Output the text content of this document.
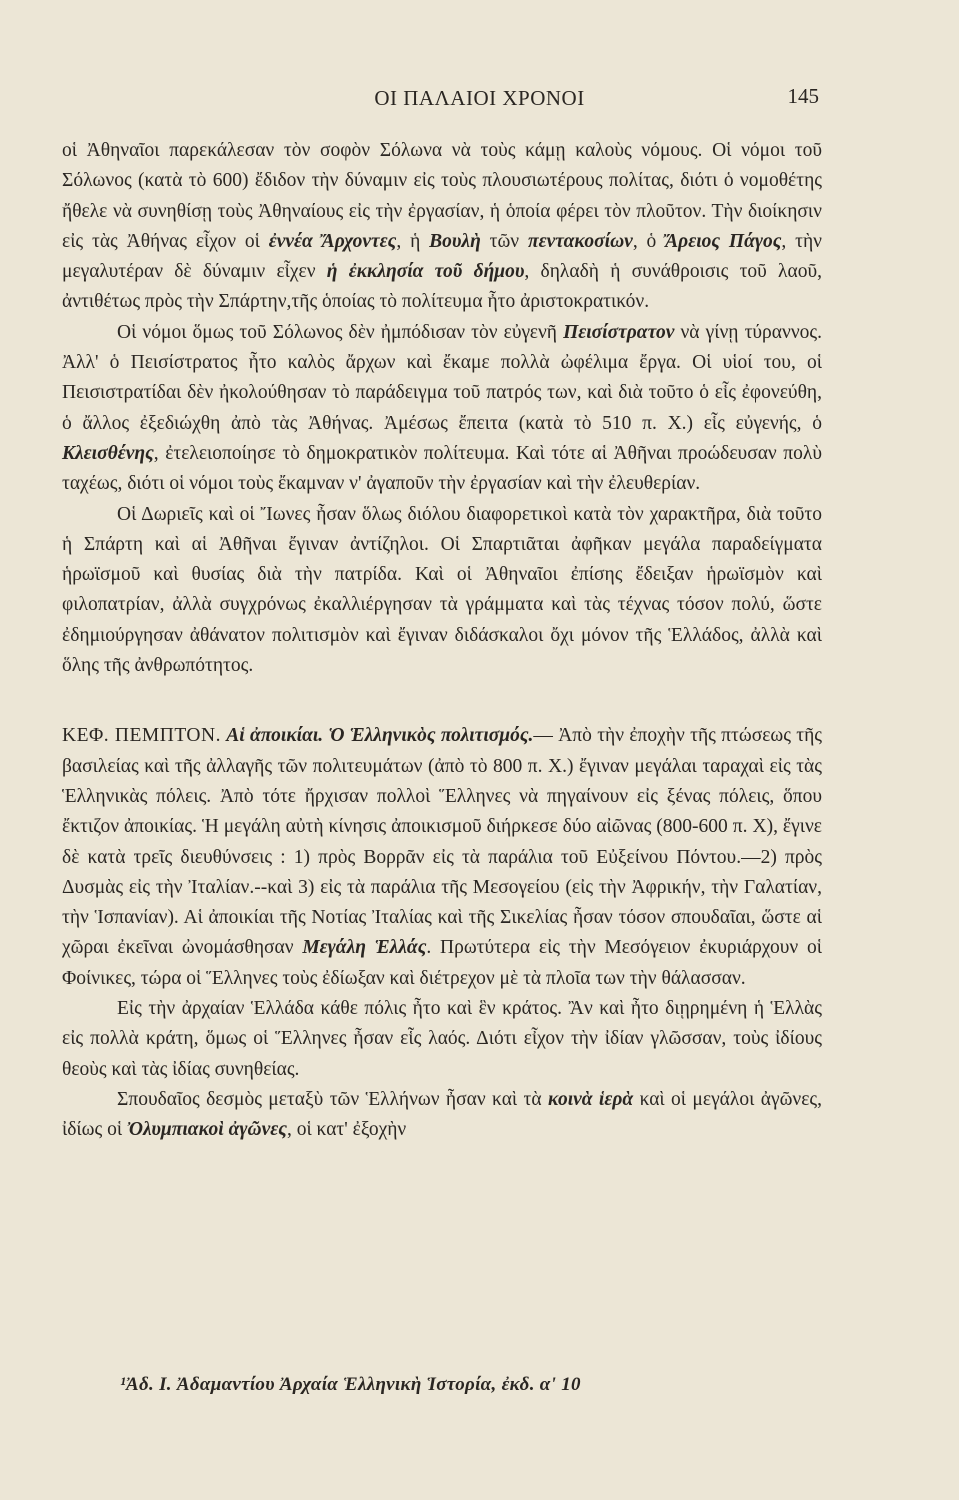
ΟΙ ΠΑΛΑΙΟΙ ΧΡΟΝΟΙ	145

οἱ Ἀθηναῖοι παρεκάλεσαν τὸν σοφὸν Σόλωνα νὰ τοὺς κάμῃ καλοὺς νόμους. Οἱ νόμοι τοῦ Σόλωνος (κατὰ τὸ 600) ἔδιδον τὴν δύναμιν εἰς τοὺς πλουσιωτέρους πολίτας, διότι ὁ νομοθέτης ἤθελε νὰ συνηθίσῃ τοὺς Ἀθηναίους εἰς τὴν ἐργασίαν, ἡ ὁποία φέρει τὸν πλοῦτον. Τὴν διοίκησιν εἰς τὰς Ἀθήνας εἶχον οἱ ἐννέα Ἄρχοντες, ἡ Βουλὴ τῶν πεντακοσίων, ὁ Ἄρειος Πάγος, τὴν μεγαλυτέραν δὲ δύναμιν εἶχεν ἡ ἐκκλησία τοῦ δήμου, δηλαδὴ ἡ συνάθροισις τοῦ λαοῦ, ἀντιθέτως πρὸς τὴν Σπάρτην,τῆς ὁποίας τὸ πολίτευμα ἦτο ἀριστοκρατικόν.

Οἱ νόμοι ὅμως τοῦ Σόλωνος δὲν ἠμπόδισαν τὸν εὐγενῆ Πεισίστρατον νὰ γίνῃ τύραννος. Ἀλλ' ὁ Πεισίστρατος ἦτο καλὸς ἄρχων καὶ ἔκαμε πολλὰ ὠφέλιμα ἔργα. Οἱ υἱοί του, οἱ Πεισιστρατίδαι δὲν ἠκολούθησαν τὸ παράδειγμα τοῦ πατρός των, καὶ διὰ τοῦτο ὁ εἷς ἐφονεύθη, ὁ ἄλλος ἐξεδιώχθη ἀπὸ τὰς Ἀθήνας. Ἀμέσως ἔπειτα (κατὰ τὸ 510 π. Χ.) εἷς εὐγενής, ὁ Κλεισθένης, ἐτελειοποίησε τὸ δημοκρατικὸν πολίτευμα. Καὶ τότε αἱ Ἀθῆναι προώδευσαν πολὺ ταχέως, διότι οἱ νόμοι τοὺς ἔκαμναν ν' ἀγαποῦν τὴν ἐργασίαν καὶ τὴν ἐλευθερίαν.

Οἱ Δωριεῖς καὶ οἱ Ἴωνες ἦσαν ὅλως διόλου διαφορετικοὶ κατὰ τὸν χαρακτῆρα, διὰ τοῦτο ἡ Σπάρτη καὶ αἱ Ἀθῆναι ἔγιναν ἀντίζηλοι. Οἱ Σπαρτιᾶται ἀφῆκαν μεγάλα παραδείγματα ἡρωϊσμοῦ καὶ θυσίας διὰ τὴν πατρίδα. Καὶ οἱ Ἀθηναῖοι ἐπίσης ἔδειξαν ἡρωϊσμὸν καὶ φιλοπατρίαν, ἀλλὰ συγχρόνως ἐκαλλιέργησαν τὰ γράμματα καὶ τὰς τέχνας τόσον πολύ, ὥστε ἐδημιούργησαν ἀθάνατον πολιτισμὸν καὶ ἔγιναν διδάσκαλοι ὄχι μόνον τῆς Ἑλλάδος, ἀλλὰ καὶ ὅλης τῆς ἀνθρωπότητος.

ΚΕΦ. ΠΕΜΠΤΟΝ. Αἱ ἀποικίαι. Ὁ Ἑλληνικὸς πολιτισμός.— Ἀπὸ τὴν ἐποχὴν τῆς πτώσεως τῆς βασιλείας καὶ τῆς ἀλλαγῆς τῶν πολιτευμάτων (ἀπὸ τὸ 800 π. Χ.) ἔγιναν μεγάλαι ταραχαὶ εἰς τὰς Ἑλληνικὰς πόλεις. Ἀπὸ τότε ἤρχισαν πολλοὶ Ἕλληνες νὰ πηγαίνουν εἰς ξένας πόλεις, ὅπου ἔκτιζον ἀποικίας. Ἡ μεγάλη αὐτὴ κίνησις ἀποικισμοῦ διήρκεσε δύο αἰῶνας (800-600 π. Χ), ἔγινε δὲ κατὰ τρεῖς διευθύνσεις : 1) πρὸς Βορρᾶν εἰς τὰ παράλια τοῦ Εὐξείνου Πόντου.—2) πρὸς Δυσμὰς εἰς τὴν Ἰταλίαν.--καὶ 3) εἰς τὰ παράλια τῆς Μεσογείου (εἰς τὴν Ἀφρικήν, τὴν Γαλατίαν, τὴν Ἱσπανίαν). Αἱ ἀποικίαι τῆς Νοτίας Ἰταλίας καὶ τῆς Σικελίας ἦσαν τόσον σπουδαῖαι, ὥστε αἱ χῶραι ἐκεῖναι ὠνομάσθησαν Μεγάλη Ἑλλάς. Πρωτύτερα εἰς τὴν Μεσόγειον ἐκυριάρχουν οἱ Φοίνικες, τώρα οἱ Ἕλληνες τοὺς ἐδίωξαν καὶ διέτρεχον μὲ τὰ πλοῖα των τὴν θάλασσαν.

Εἰς τὴν ἀρχαίαν Ἑλλάδα κάθε πόλις ἦτο καὶ ἓν κράτος. Ἂν καὶ ἦτο διῃρημένη ἡ Ἑλλὰς εἰς πολλὰ κράτη, ὅμως οἱ Ἕλληνες ἦσαν εἷς λαός. Διότι εἶχον τὴν ἰδίαν γλῶσσαν, τοὺς ἰδίους θεοὺς καὶ τὰς ἰδίας συνηθείας.

Σπουδαῖος δεσμὸς μεταξὺ τῶν Ἑλλήνων ἦσαν καὶ τὰ κοινὰ ἱερὰ καὶ οἱ μεγάλοι ἀγῶνες, ἰδίως οἱ Ὀλυμπιακοὶ ἀγῶνες, οἱ κατ' ἐξοχὴν

¹Ἀδ. Ι. Ἀδαμαντίου Ἀρχαία Ἑλληνικὴ Ἱστορία, ἐκδ. α' 10
